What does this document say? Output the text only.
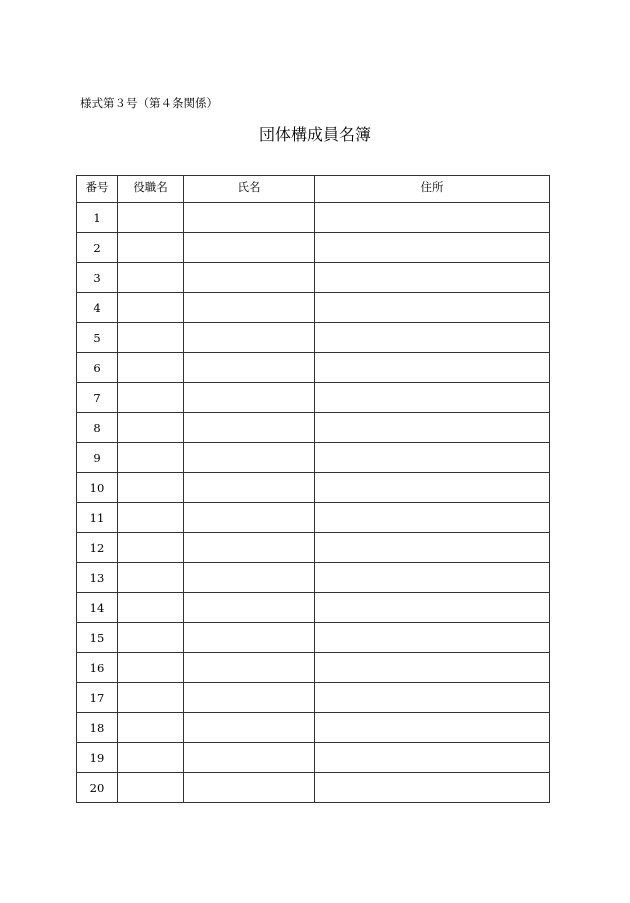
様式第３号（第４条関係）
団体構成員名簿
番号	役職名	氏名	住所
1			
2			
3			
4			
5			
6			
7			
8			
9			
10			
11			
12			
13			
14			
15			
16			
17			
18			
19			
20			
